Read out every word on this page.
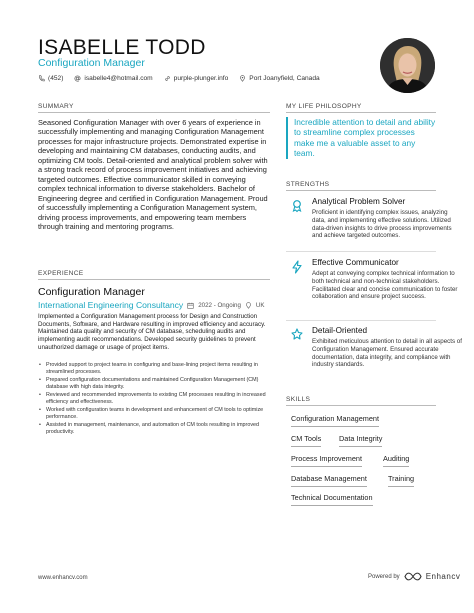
ISABELLE TODD
Configuration Manager
(452)	isabelle4@hotmail.com	purple-plunger.info	Port Joanyfield, Canada
SUMMARY
Seasoned Configuration Manager with over 6 years of experience in successfully implementing and managing Configuration Management processes for major infrastructure projects. Demonstrated expertise in developing and maintaining CM databases, conducting audits, and optimizing CM tools. Detail-oriented and analytical problem solver with a strong track record of process improvement initiatives and achieving targeted outcomes. Effective communicator skilled in conveying complex technical information to diverse stakeholders. Bachelor of Engineering degree and certified in Configuration Management. Proud of successfully implementing a Configuration Management system, driving process improvements, and empowering team members through training and mentoring programs.
EXPERIENCE
Configuration Manager
International Engineering Consultancy 2022 - Ongoing UK
Implemented a Configuration Management process for Design and Construction Documents, Software, and Hardware resulting in improved efficiency and accuracy. Maintained data quality and security of CM database, scheduling audits and implementing audit recommendations. Developed security guidelines to prevent unauthorized damage or usage of project items.
• Provided support to project teams in configuring and base-lining project items resulting in streamlined processes.
• Prepared configuration documentations and maintained Configuration Management (CM) database with high data integrity.
• Reviewed and recommended improvements to existing CM processes resulting in increased efficiency and effectiveness.
• Worked with configuration teams in development and enhancement of CM tools to optimize performance.
• Assisted in management, maintenance, and automation of CM tools resulting in improved productivity.
MY LIFE PHILOSOPHY
Incredible attention to detail and ability to streamline complex processes make me a valuable asset to any team.
STRENGTHS
Analytical Problem Solver
Proficient in identifying complex issues, analyzing data, and implementing effective solutions. Utilized data-driven insights to drive process improvements and achieve targeted outcomes.
Effective Communicator
Adept at conveying complex technical information to both technical and non-technical stakeholders. Facilitated clear and concise communication to foster collaboration and ensure project success.
Detail-Oriented
Exhibited meticulous attention to detail in all aspects of Configuration Management. Ensured accurate documentation, data integrity, and compliance with industry standards.
SKILLS
Configuration Management
CM Tools Data Integrity
Process Improvement	Auditing
Database Management	Training
Technical Documentation
www.enhancv.com	Powered by	Enhancv
